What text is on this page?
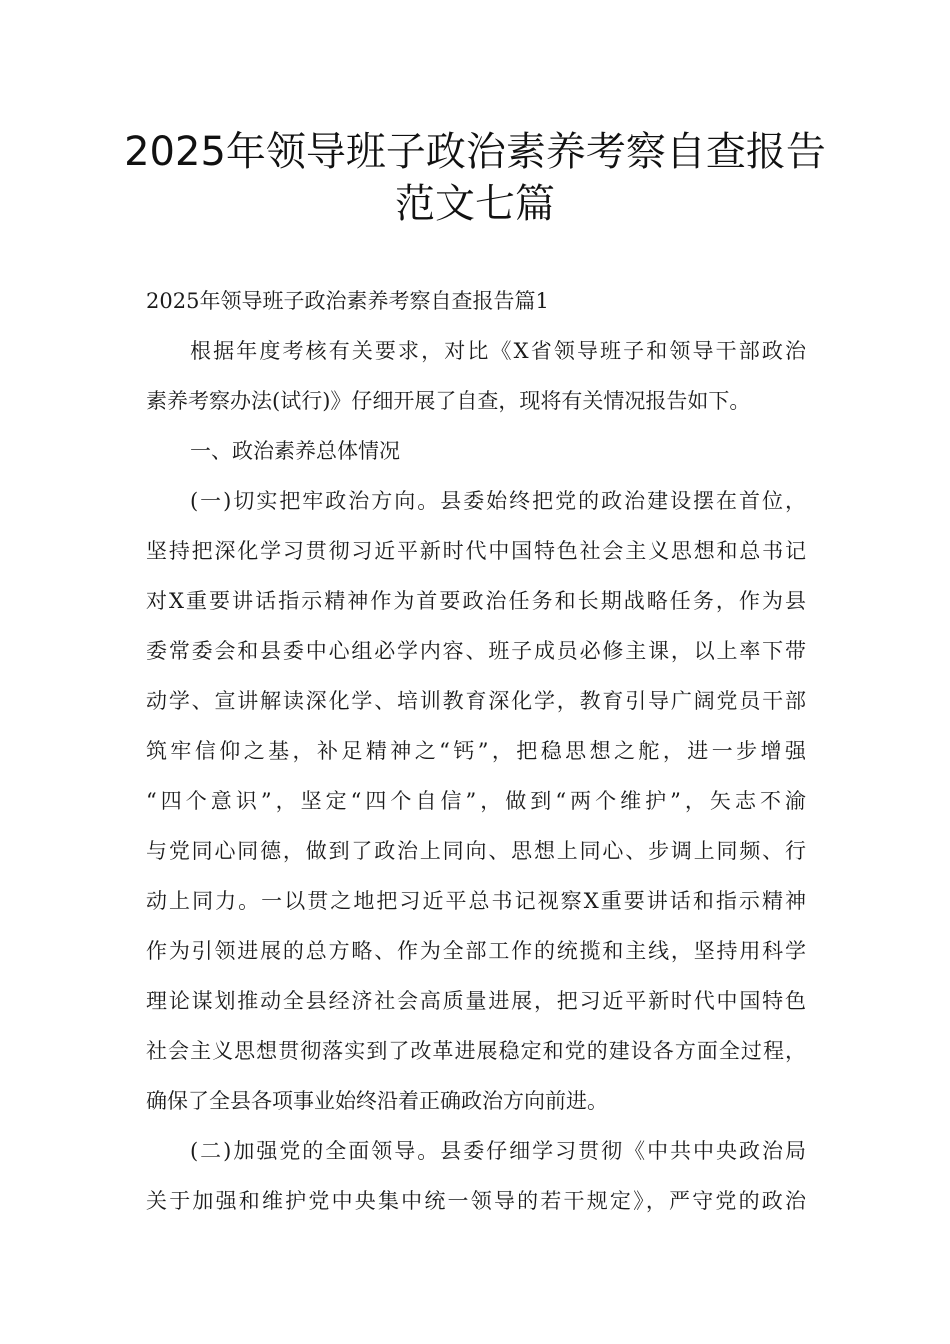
2025年领导班子政治素养考察自查报告
范文七篇
2025年领导班子政治素养考察自查报告篇1
根据年度考核有关要求，对比《X省领导班子和领导干部政治
素养考察办法(试行)》仔细开展了自查，现将有关情况报告如下。
一、政治素养总体情况
(一)切实把牢政治方向。县委始终把党的政治建设摆在首位，
坚持把深化学习贯彻习近平新时代中国特色社会主义思想和总书记
对X重要讲话指示精神作为首要政治任务和长期战略任务，作为县
委常委会和县委中心组必学内容、班子成员必修主课，以上率下带
动学、宣讲解读深化学、培训教育深化学，教育引导广阔党员干部
筑牢信仰之基，补足精神之“钙”，把稳思想之舵，进一步增强
“四个意识”，坚定“四个自信”，做到“两个维护”，矢志不渝
与党同心同德，做到了政治上同向、思想上同心、步调上同频、行
动上同力。一以贯之地把习近平总书记视察X重要讲话和指示精神
作为引领进展的总方略、作为全部工作的统揽和主线，坚持用科学
理论谋划推动全县经济社会高质量进展，把习近平新时代中国特色
社会主义思想贯彻落实到了改革进展稳定和党的建设各方面全过程，
确保了全县各项事业始终沿着正确政治方向前进。
(二)加强党的全面领导。县委仔细学习贯彻《中共中央政治局
关于加强和维护党中央集中统一领导的若干规定》，严守党的政治
